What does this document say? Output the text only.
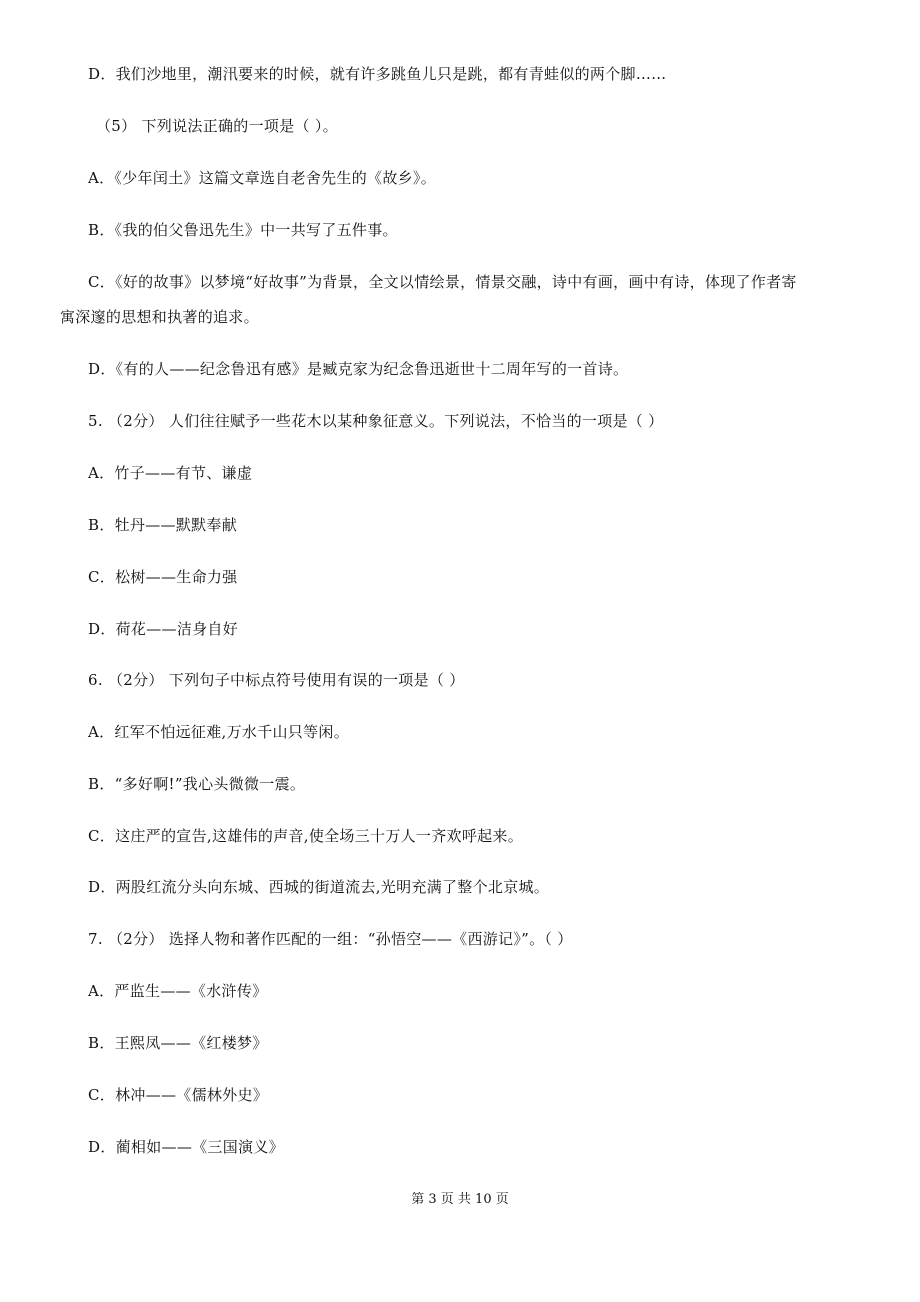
D．我们沙地里，潮汛要来的时候，就有许多跳鱼儿只是跳，都有青蛙似的两个脚……
（5） 下列说法正确的一项是（ ）。
A．《少年闰土》这篇文章选自老舍先生的《故乡》。
B．《我的伯父鲁迅先生》中一共写了五件事。
C．《好的故事》以梦境“好故事”为背景，全文以情绘景，情景交融，诗中有画，画中有诗，体现了作者寄
寓深邃的思想和执著的追求。
D．《有的人——纪念鲁迅有感》是臧克家为纪念鲁迅逝世十二周年写的一首诗。
5. （2分） 人们往往赋予一些花木以某种象征意义。下列说法，不恰当的一项是（ ）
A．竹子——有节、谦虚
B．牡丹——默默奉献
C．松树——生命力强
D．荷花——洁身自好
6. （2分） 下列句子中标点符号使用有误的一项是（ ）
A．红军不怕远征难,万水千山只等闲。
B．“多好啊!”我心头微微一震。
C．这庄严的宣告,这雄伟的声音,使全场三十万人一齐欢呼起来。
D．两股红流分头向东城、西城的街道流去,光明充满了整个北京城。
7. （2分） 选择人物和著作匹配的一组：“孙悟空——《西游记》”。（ ）
A．严监生——《水浒传》
B．王熙凤——《红楼梦》
C．林冲——《儒林外史》
D．蔺相如——《三国演义》
第 3 页 共 10 页
